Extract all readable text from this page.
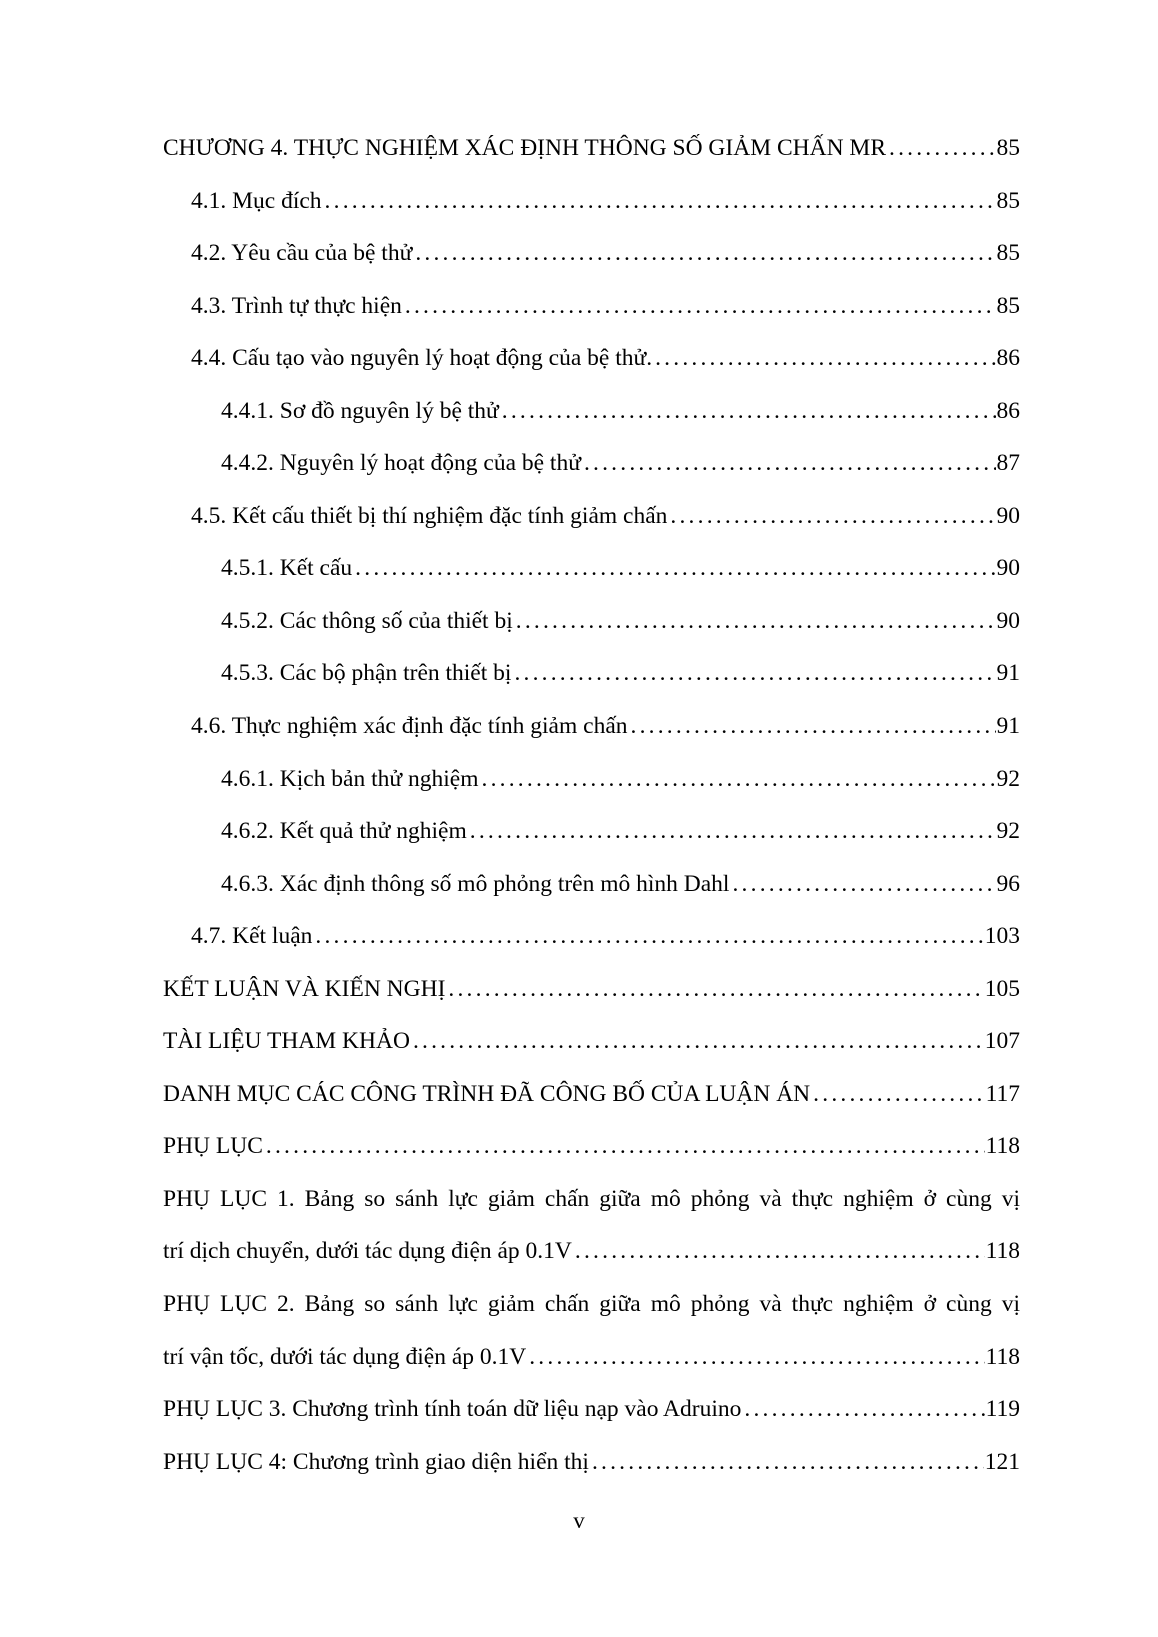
CHƯƠNG 4. THỰC NGHIỆM XÁC ĐỊNH THÔNG SỐ GIẢM CHẤN MR .....	85
4.1. Mục đích .....	85
4.2. Yêu cầu của bệ thử .....	85
4.3. Trình tự thực hiện .....	85
4.4. Cấu tạo vào nguyên lý hoạt động của bệ thử. .....	86
4.4.1. Sơ đồ nguyên lý bệ thử .....	86
4.4.2. Nguyên lý hoạt động của bệ thử .....	87
4.5. Kết cấu thiết bị thí nghiệm đặc tính giảm chấn .....	90
4.5.1. Kết cấu .....	90
4.5.2. Các thông số của thiết bị .....	90
4.5.3. Các bộ phận trên thiết bị .....	91
4.6. Thực nghiệm xác định đặc tính giảm chấn .....	91
4.6.1. Kịch bản thử nghiệm .....	92
4.6.2. Kết quả thử nghiệm .....	92
4.6.3. Xác định thông số mô phỏng trên mô hình Dahl .....	96
4.7. Kết luận .....	103
KẾT LUẬN VÀ KIẾN NGHỊ .....	105
TÀI LIỆU THAM KHẢO .....	107
DANH MỤC CÁC CÔNG TRÌNH ĐÃ CÔNG BỐ CỦA LUẬN ÁN .....	117
PHỤ LỤC .....	118
PHỤ LỤC 1. Bảng so sánh lực giảm chấn giữa mô phỏng và thực nghiệm ở cùng vị
trí dịch chuyển, dưới tác dụng điện áp 0.1V .....	118
PHỤ LỤC 2. Bảng so sánh lực giảm chấn giữa mô phỏng và thực nghiệm ở cùng vị
trí vận tốc, dưới tác dụng điện áp 0.1V .....	118
PHỤ LỤC 3. Chương trình tính toán dữ liệu nạp vào Adruino .....	119
PHỤ LỤC 4: Chương trình giao diện hiển thị .....	121
v
